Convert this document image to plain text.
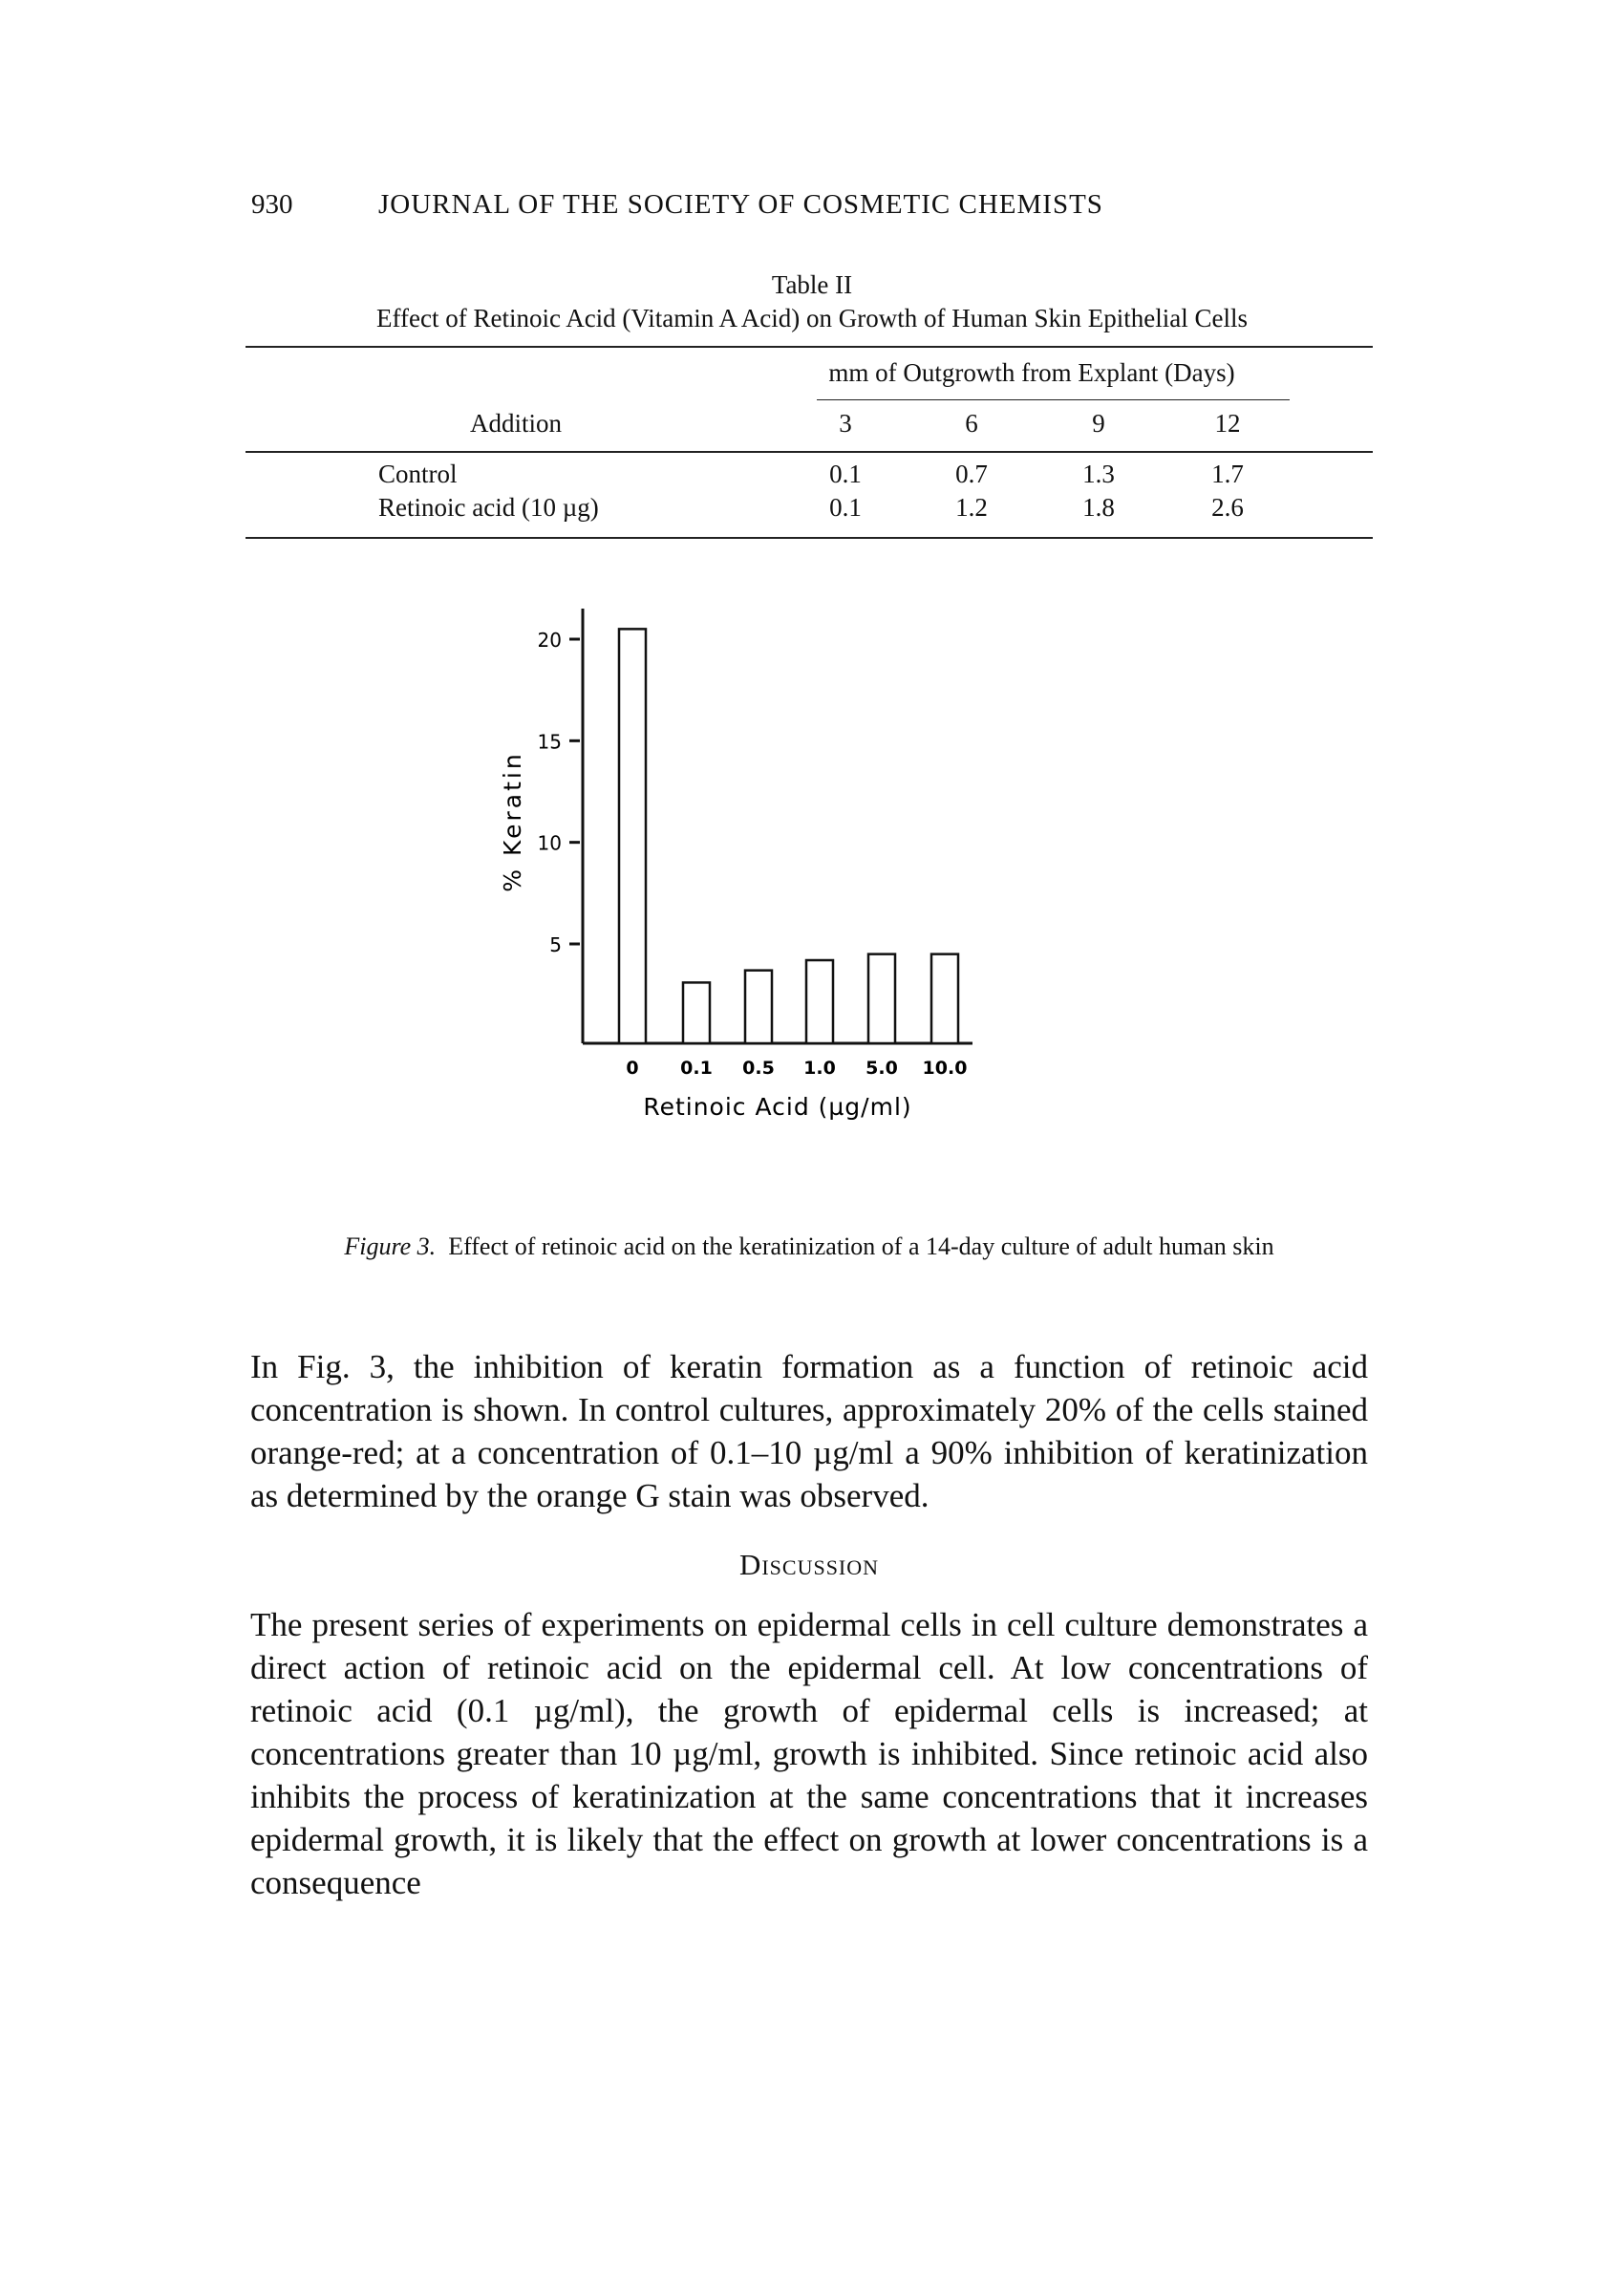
930	JOURNAL OF THE SOCIETY OF COSMETIC CHEMISTS
Table II
Effect of Retinoic Acid (Vitamin A Acid) on Growth of Human Skin Epithelial Cells
mm of Outgrowth from Explant (Days)
Addition	3	6	9	12
Control	0.1	0.7	1.3	1.7
Retinoic acid (10 µg)	0.1	1.2	1.8	2.6
5
10
15
20
0 0.1 0.5 1.0 5.0 10.0
Retinoic Acid (µg/ml)
% Keratin
Figure 3. Effect of retinoic acid on the keratinization of a 14-day culture of adult human skin

In Fig. 3, the inhibition of keratin formation as a function of retinoic acid concentration is shown. In control cultures, approximately 20% of the cells stained orange-red; at a concentration of 0.1–10 µg/ml a 90% inhibition of keratinization as determined by the orange G stain was observed.

Discussion

The present series of experiments on epidermal cells in cell culture demonstrates a direct action of retinoic acid on the epidermal cell. At low concentrations of retinoic acid (0.1 µg/ml), the growth of epidermal cells is increased; at concentrations greater than 10 µg/ml, growth is inhibited. Since retinoic acid also inhibits the process of keratinization at the same concentrations that it increases epidermal growth, it is likely that the effect on growth at lower concentrations is a consequence
